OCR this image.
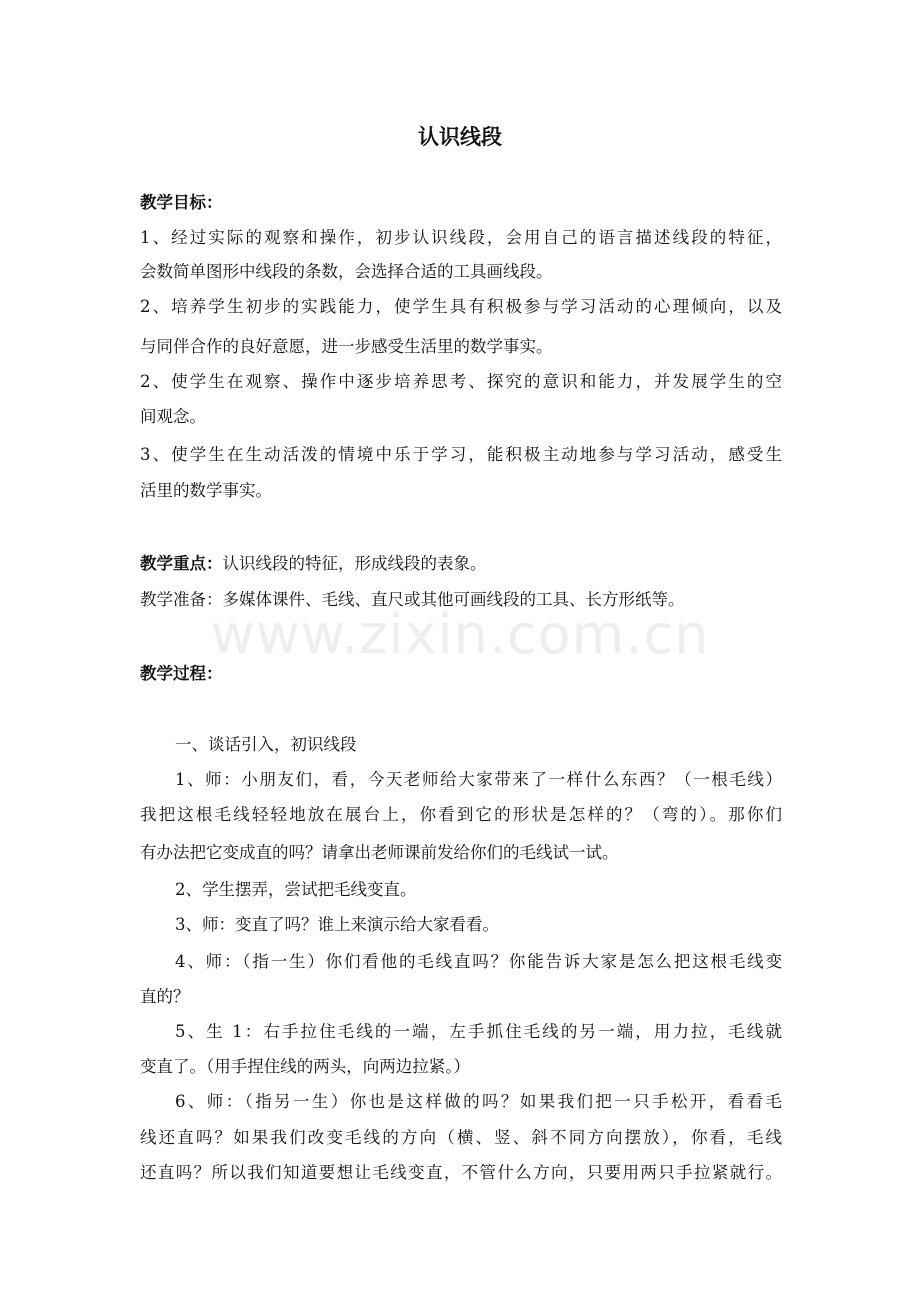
认识线段
教学目标：
1、经过实际的观察和操作，初步认识线段，会用自己的语言描述线段的特征，
会数简单图形中线段的条数，会选择合适的工具画线段。
2、培养学生初步的实践能力，使学生具有积极参与学习活动的心理倾向，以及
与同伴合作的良好意愿，进一步感受生活里的数学事实。
2、使学生在观察、操作中逐步培养思考、探究的意识和能力，并发展学生的空
间观念。
3、使学生在生动活泼的情境中乐于学习，能积极主动地参与学习活动，感受生
活里的数学事实。
教学重点：认识线段的特征，形成线段的表象。
教学准备：多媒体课件、毛线、直尺或其他可画线段的工具、长方形纸等。
www.zixin.com.cn
教学过程：
一、谈话引入，初识线段
1、师：小朋友们，看，今天老师给大家带来了一样什么东西？（一根毛线）
我把这根毛线轻轻地放在展台上，你看到它的形状是怎样的？（弯的）。那你们
有办法把它变成直的吗？请拿出老师课前发给你们的毛线试一试。
2、学生摆弄，尝试把毛线变直。
3、师：变直了吗？谁上来演示给大家看看。
4、师：（指一生）你们看他的毛线直吗？你能告诉大家是怎么把这根毛线变
直的？
5、生 1：右手拉住毛线的一端，左手抓住毛线的另一端，用力拉，毛线就
变直了。（用手捏住线的两头，向两边拉紧。）
6、师：（指另一生）你也是这样做的吗？如果我们把一只手松开，看看毛
线还直吗？如果我们改变毛线的方向（横、竖、斜不同方向摆放），你看，毛线
还直吗？所以我们知道要想让毛线变直，不管什么方向，只要用两只手拉紧就行。
